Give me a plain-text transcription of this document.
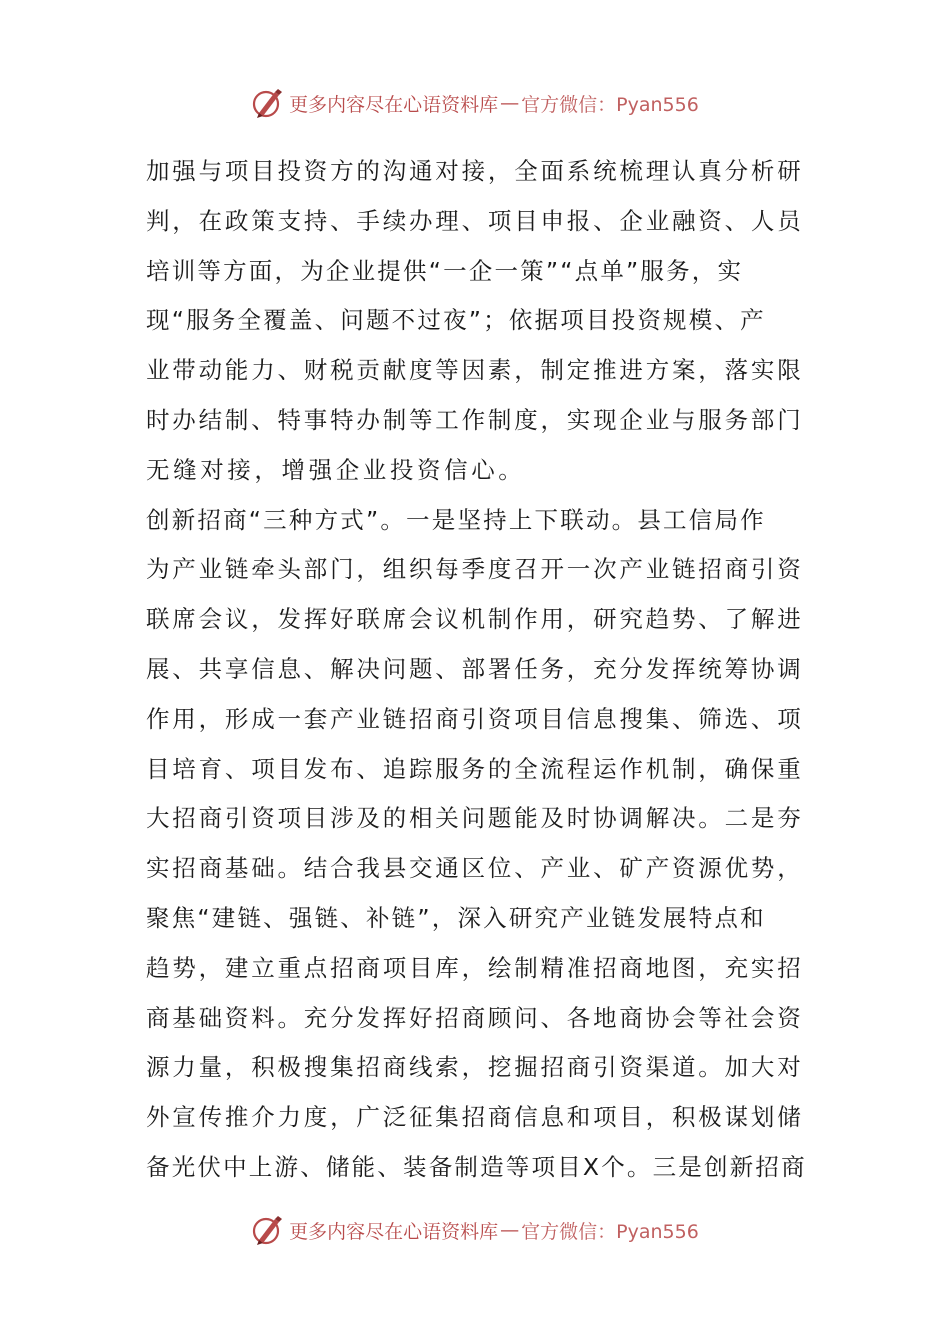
更多内容尽在心语资料库 — 官方微信：Pyan556
加强与项目投资方的沟通对接，全面系统梳理认真分析研
判，在政策支持、手续办理、项目申报、企业融资、人员
培训等方面，为企业提供“一企一策”“点单”服务，实
现“服务全覆盖、问题不过夜”；依据项目投资规模、产
业带动能力、财税贡献度等因素，制定推进方案，落实限
时办结制、特事特办制等工作制度，实现企业与服务部门
无缝对接，增强企业投资信心。
创新招商“三种方式”。一是坚持上下联动。县工信局作
为产业链牵头部门，组织每季度召开一次产业链招商引资
联席会议，发挥好联席会议机制作用，研究趋势、了解进
展、共享信息、解决问题、部署任务，充分发挥统筹协调
作用，形成一套产业链招商引资项目信息搜集、筛选、项
目培育、项目发布、追踪服务的全流程运作机制，确保重
大招商引资项目涉及的相关问题能及时协调解决。二是夯
实招商基础。结合我县交通区位、产业、矿产资源优势，
聚焦“建链、强链、补链”，深入研究产业链发展特点和
趋势，建立重点招商项目库，绘制精准招商地图，充实招
商基础资料。充分发挥好招商顾问、各地商协会等社会资
源力量，积极搜集招商线索，挖掘招商引资渠道。加大对
外宣传推介力度，广泛征集招商信息和项目，积极谋划储
备光伏中上游、储能、装备制造等项目X个。三是创新招商
更多内容尽在心语资料库 — 官方微信：Pyan556
